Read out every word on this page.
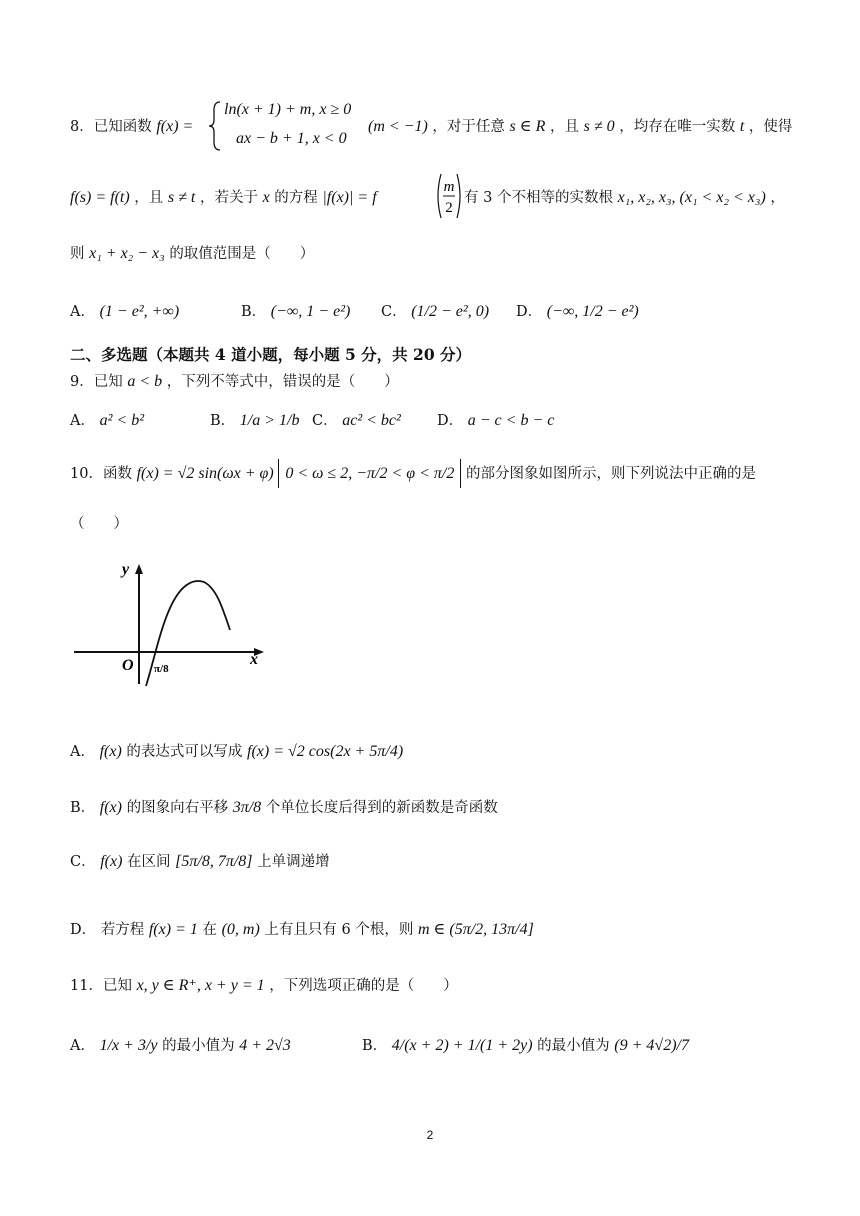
8．已知函数 f(x) =
ln(x + 1) + m, x ≥ 0
ax − b + 1, x < 0
(m < −1) ，对于任意 s ∈ R ，且 s ≠ 0 ，均存在唯一实数 t ，使得
f(s) = f(t) ，且 s ≠ t ，若关于 x 的方程 |f(x)| = f
m
2
有 3 个不相等的实数根 x₁, x₂, x₃, (x₁ < x₂ < x₃) ，
则 x₁ + x₂ − x₃ 的取值范围是（　　）
A． (1 − e², +∞)	B． (−∞, 1 − e²) C． (1/2 − e², 0) D． (−∞, 1/2 − e²)
二、多选题（本题共 4 道小题，每小题 5 分，共 20 分）
9．已知 a < b ，下列不等式中，错误的是（　　）
A． a² < b²	B． 1/a > 1/b C． ac² < bc² D． a − c < b − c
10．函数 f(x) = √2 sin(ωx + φ) 0 < ω ≤ 2, −π/2 < φ < π/2 的部分图象如图所示，则下列说法中正确的是
（　　）
y
x
O π/8
A． f(x) 的表达式可以写成 f(x) = √2 cos(2x + 5π/4)
B． f(x) 的图象向右平移 3π/8 个单位长度后得到的新函数是奇函数
C． f(x) 在区间 [5π/8, 7π/8] 上单调递增
D． 若方程 f(x) = 1 在 (0, m) 上有且只有 6 个根，则 m ∈ (5π/2, 13π/4]
11．已知 x, y ∈ R⁺, x + y = 1 ，下列选项正确的是（　　）
A． 1/x + 3/y 的最小值为 4 + 2√3	B． 4/(x + 2) + 1/(1 + 2y) 的最小值为 (9 + 4√2)/7
2
